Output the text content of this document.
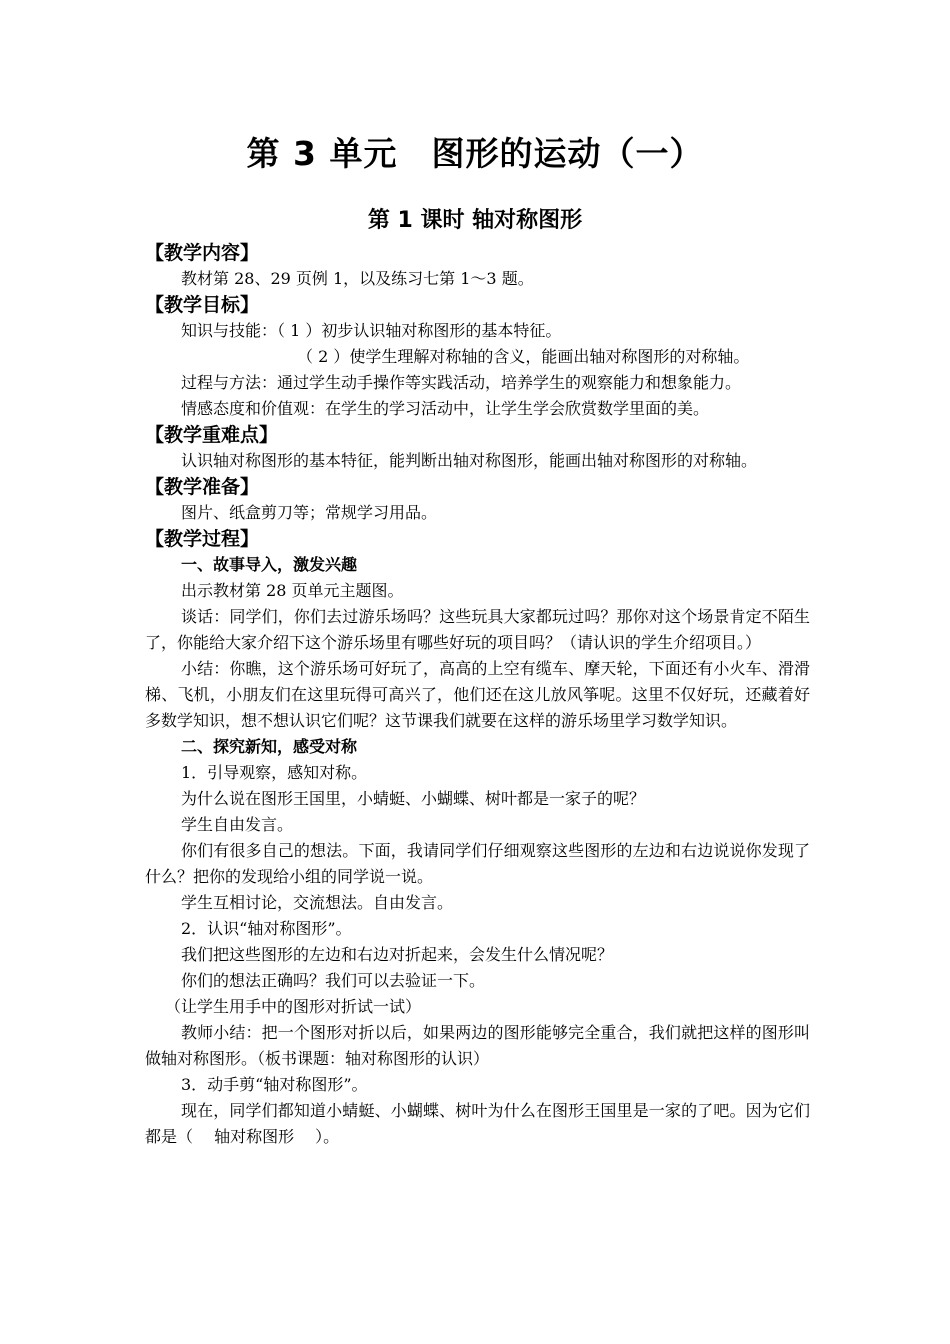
第 3 单元　图形的运动（一）
第 1 课时 轴对称图形
【教学内容】
教材第 28、29 页例 1，以及练习七第 1～3 题。
【教学目标】
知识与技能：（ 1 ）初步认识轴对称图形的基本特征。
（ 2 ）使学生理解对称轴的含义，能画出轴对称图形的对称轴。
过程与方法：通过学生动手操作等实践活动，培养学生的观察能力和想象能力。
情感态度和价值观：在学生的学习活动中，让学生学会欣赏数学里面的美。
【教学重难点】
认识轴对称图形的基本特征，能判断出轴对称图形，能画出轴对称图形的对称轴。
【教学准备】
图片、纸盒剪刀等；常规学习用品。
【教学过程】
一、故事导入，激发兴趣
出示教材第 28 页单元主题图。
谈话：同学们，你们去过游乐场吗？这些玩具大家都玩过吗？那你对这个场景肯定不陌生了，你能给大家介绍下这个游乐场里有哪些好玩的项目吗？（请认识的学生介绍项目。）
小结：你瞧，这个游乐场可好玩了，高高的上空有缆车、摩天轮，下面还有小火车、滑滑梯、飞机，小朋友们在这里玩得可高兴了，他们还在这儿放风筝呢。这里不仅好玩，还藏着好多数学知识，想不想认识它们呢？这节课我们就要在这样的游乐场里学习数学知识。
二、探究新知，感受对称
1．引导观察，感知对称。
为什么说在图形王国里，小蜻蜓、小蝴蝶、树叶都是一家子的呢？
学生自由发言。
你们有很多自己的想法。下面，我请同学们仔细观察这些图形的左边和右边说说你发现了什么？把你的发现给小组的同学说一说。
学生互相讨论，交流想法。自由发言。
2．认识“轴对称图形”。
我们把这些图形的左边和右边对折起来，会发生什么情况呢？
你们的想法正确吗？我们可以去验证一下。
（让学生用手中的图形对折试一试）
教师小结：把一个图形对折以后，如果两边的图形能够完全重合，我们就把这样的图形叫做轴对称图形。（板书课题：轴对称图形的认识）
3．动手剪“轴对称图形”。
现在，同学们都知道小蜻蜓、小蝴蝶、树叶为什么在图形王国里是一家的了吧。因为它们都是（　 轴对称图形　 ）。
